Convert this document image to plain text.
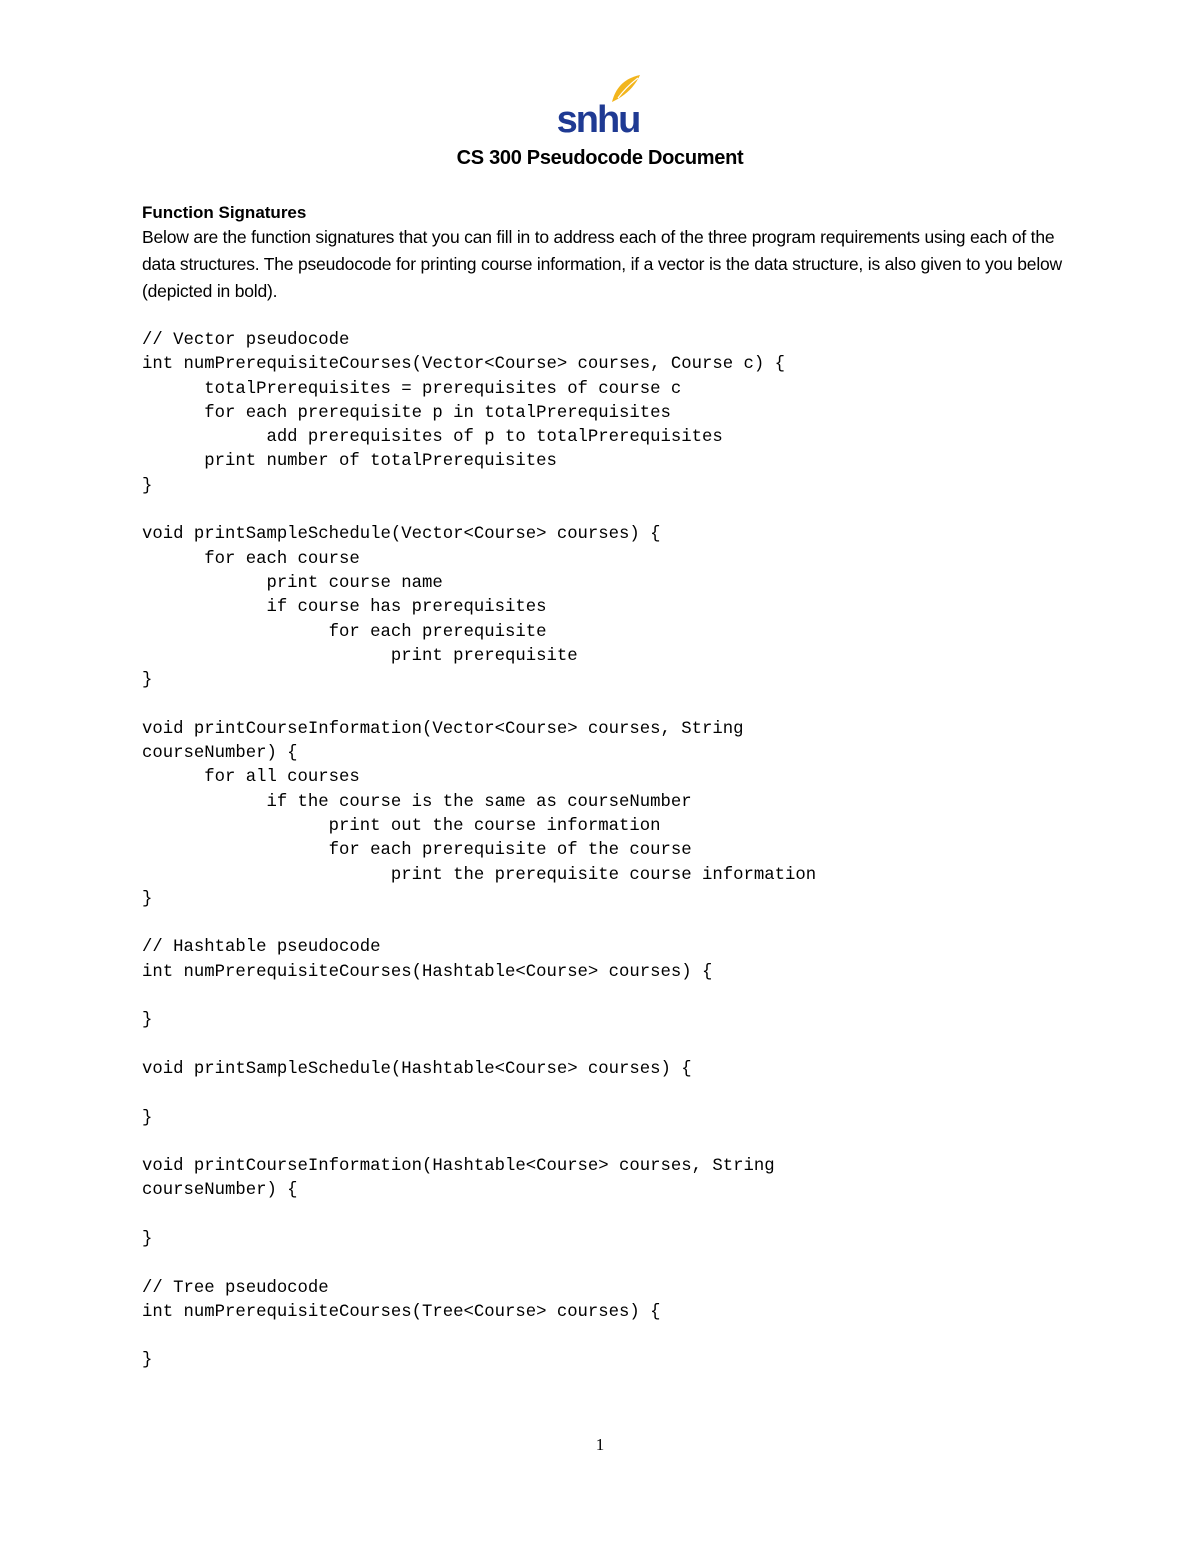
snhu
CS 300 Pseudocode Document
Function Signatures

Below are the function signatures that you can fill in to address each of the three program requirements using each of the data structures. The pseudocode for printing course information, if a vector is the data structure, is also given to you below (depicted in bold).

// Vector pseudocode
int numPrerequisiteCourses(Vector<Course> courses, Course c) {
totalPrerequisites = prerequisites of course c
for each prerequisite p in totalPrerequisites
add prerequisites of p to totalPrerequisites
print number of totalPrerequisites
}
void printSampleSchedule(Vector<Course> courses) {
for each course
print course name
if course has prerequisites
for each prerequisite
print prerequisite
}
void printCourseInformation(Vector<Course> courses, String
courseNumber) {
for all courses
if the course is the same as courseNumber
print out the course information
for each prerequisite of the course
print the prerequisite course information
}
// Hashtable pseudocode
int numPrerequisiteCourses(Hashtable<Course> courses) {
}
void printSampleSchedule(Hashtable<Course> courses) {
}
void printCourseInformation(Hashtable<Course> courses, String
courseNumber) {
}
// Tree pseudocode
int numPrerequisiteCourses(Tree<Course> courses) {
}
1
